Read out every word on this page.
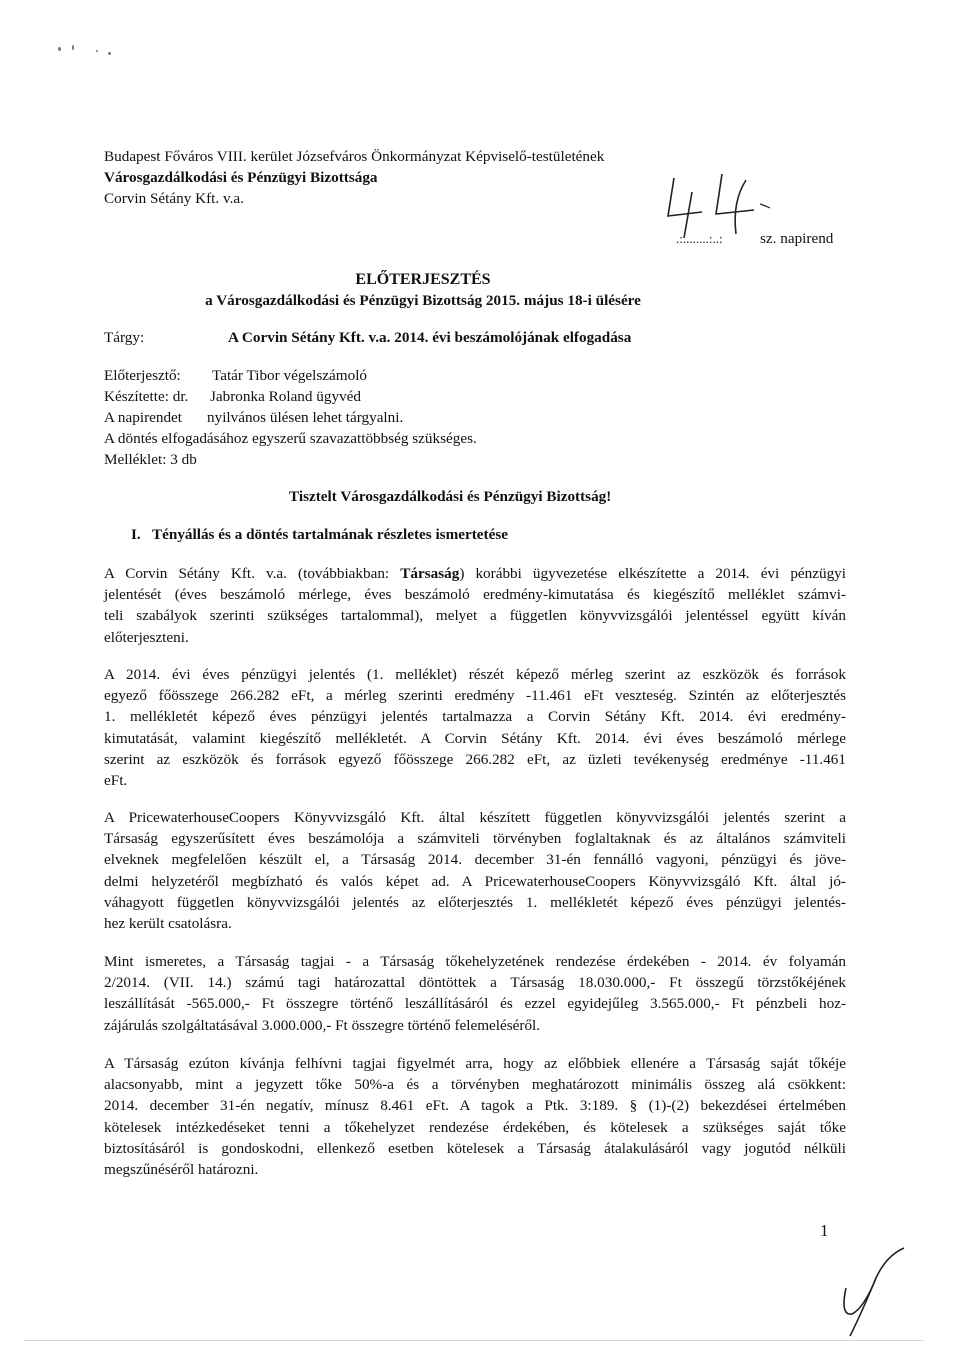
Budapest Főváros VIII. kerület Józsefváros Önkormányzat Képviselő-testületének
Városgazdálkodási és Pénzügyi Bizottsága
Corvin Sétány Kft. v.a.
.:........:..: sz. napirend
ELŐTERJESZTÉS
a Városgazdálkodási és Pénzügyi Bizottság 2015. május 18-i ülésére
Tárgy:	A Corvin Sétány Kft. v.a. 2014. évi beszámolójának elfogadása
Előterjesztő: Tatár Tibor végelszámoló
Készítette: dr. Jabronka Roland ügyvéd
A napirendet nyilvános ülésen lehet tárgyalni.
A döntés elfogadásához egyszerű szavazattöbbség szükséges.
Melléklet: 3 db
Tisztelt Városgazdálkodási és Pénzügyi Bizottság!
I. Tényállás és a döntés tartalmának részletes ismertetése
A Corvin Sétány Kft. v.a. (továbbiakban: Társaság) korábbi ügyvezetése elkészítette a 2014. évi pénzügyi
jelentését (éves beszámoló mérlege, éves beszámoló eredmény-kimutatása és kiegészítő melléklet számvi-
teli szabályok szerinti szükséges tartalommal), melyet a független könyvvizsgálói jelentéssel együtt kíván
előterjeszteni.
A 2014. évi éves pénzügyi jelentés (1. melléklet) részét képező mérleg szerint az eszközök és források
egyező főösszege 266.282 eFt, a mérleg szerinti eredmény -11.461 eFt veszteség. Szintén az előterjesztés
1. mellékletét képező éves pénzügyi jelentés tartalmazza a Corvin Sétány Kft. 2014. évi eredmény-
kimutatását, valamint kiegészítő mellékletét. A Corvin Sétány Kft. 2014. évi éves beszámoló mérlege
szerint az eszközök és források egyező főösszege 266.282 eFt, az üzleti tevékenység eredménye -11.461
eFt.
A PricewaterhouseCoopers Könyvvizsgáló Kft. által készített független könyvvizsgálói jelentés szerint a
Társaság egyszerűsített éves beszámolója a számviteli törvényben foglaltaknak és az általános számviteli
elveknek megfelelően készült el, a Társaság 2014. december 31-én fennálló vagyoni, pénzügyi és jöve-
delmi helyzetéről megbízható és valós képet ad. A PricewaterhouseCoopers Könyvvizsgáló Kft. által jó-
váhagyott független könyvvizsgálói jelentés az előterjesztés 1. mellékletét képező éves pénzügyi jelentés-
hez került csatolásra.
Mint ismeretes, a Társaság tagjai - a Társaság tőkehelyzetének rendezése érdekében - 2014. év folyamán
2/2014. (VII. 14.) számú tagi határozattal döntöttek a Társaság 18.030.000,- Ft összegű törzstőkéjének
leszállítását -565.000,- Ft összegre történő leszállításáról és ezzel egyidejűleg 3.565.000,- Ft pénzbeli hoz-
zájárulás szolgáltatásával 3.000.000,- Ft összegre történő felemeléséről.
A Társaság ezúton kívánja felhívni tagjai figyelmét arra, hogy az előbbiek ellenére a Társaság saját tőkéje
alacsonyabb, mint a jegyzett tőke 50%-a és a törvényben meghatározott minimális összeg alá csökkent:
2014. december 31-én negatív, mínusz 8.461 eFt. A tagok a Ptk. 3:189. § (1)-(2) bekezdései értelmében
kötelesek intézkedéseket tenni a tőkehelyzet rendezése érdekében, és kötelesek a szükséges saját tőke
biztosításáról is gondoskodni, ellenkező esetben kötelesek a Társaság átalakulásáról vagy jogutód nélküli
megszűnéséről határozni.
1
